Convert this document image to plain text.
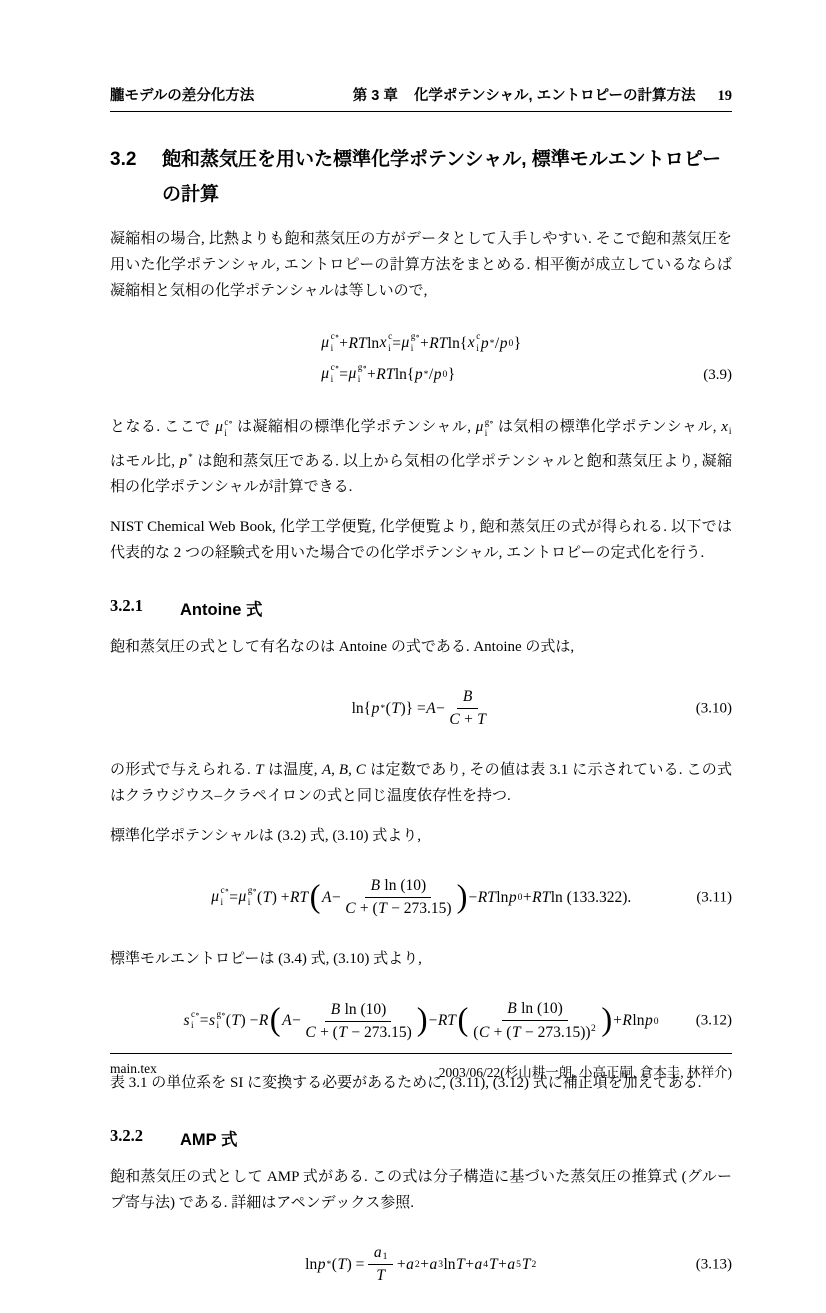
朧モデルの差分化方法	第 3 章 化学ポテンシャル, エントロピーの計算方法 19
3.2	飽和蒸気圧を用いた標準化学ポテンシャル, 標準モルエントロピーの計算

凝縮相の場合, 比熱よりも飽和蒸気圧の方がデータとして入手しやすい. そこで飽和蒸気圧を用いた化学ポテンシャル, エントロピーの計算方法をまとめる. 相平衡が成立しているならば凝縮相と気相の化学ポテンシャルは等しいので,

μ c∘
i + RT ln x c
i = μ g∘
i + RT ln{ x c
i p * / p 0 }
μ c∘
i = μ g∘
i + RT ln{ p * / p 0 }	(3.9)

となる. ここで μ c∘
i は凝縮相の標準化学ポテンシャル, μ g∘
i は気相の標準化学ポテンシャル, xi はモル比, p* は飽和蒸気圧である. 以上から気相の化学ポテンシャルと飽和蒸気圧より, 凝縮相の化学ポテンシャルが計算できる.

NIST Chemical Web Book, 化学工学便覧, 化学便覧より, 飽和蒸気圧の式が得られる. 以下では代表的な 2 つの経験式を用いた場合での化学ポテンシャル, エントロピーの定式化を行う.

3.2.1	Antoine 式

飽和蒸気圧の式として有名なのは Antoine の式である. Antoine の式は,

ln{ p * ( T )} = $A - \frac{B}{C + T}$	(3.10)

の形式で与えられる. T は温度, A, B, C は定数であり, その値は表 3.1 に示されている. この式はクラウジウス–クラペイロンの式と同じ温度依存性を持つ.

標準化学ポテンシャルは (3.2) 式, (3.10) 式より,

μ c∘
i = μ g∘
i ( T ) + RT ( $A - \frac{\text{B ln (10)}}{C + (T - 273.15)}$ ) − RT ln p 0 + RT ln (133.322).	(3.11)

標準モルエントロピーは (3.4) 式, (3.10) 式より,

s c∘
i = s g∘
i ( T ) − R ( $A - \frac{\text{B ln (10)}}{C + (T - 273.15)}$ ) − RT (	B ln (10)
$(C + (T - 273.15))^2$ ) + R ln p 0 (3.12)

表 3.1 の単位系を SI に変換する必要があるために, (3.11), (3.12) 式に補正項を加えてある.

3.2.2	AMP 式

飽和蒸気圧の式として AMP 式がある. この式は分子構造に基づいた蒸気圧の推算式 (グループ寄与法) である. 詳細はアペンデックス参照.

ln p * ( T ) = $\frac{a1}{T} + a$ 2 + a 3 ln T + a 4 T + a 5 T 2	(3.13)
main.tex	2003/06/22(杉山耕一朗, 小高正嗣, 倉本圭, 林祥介)
